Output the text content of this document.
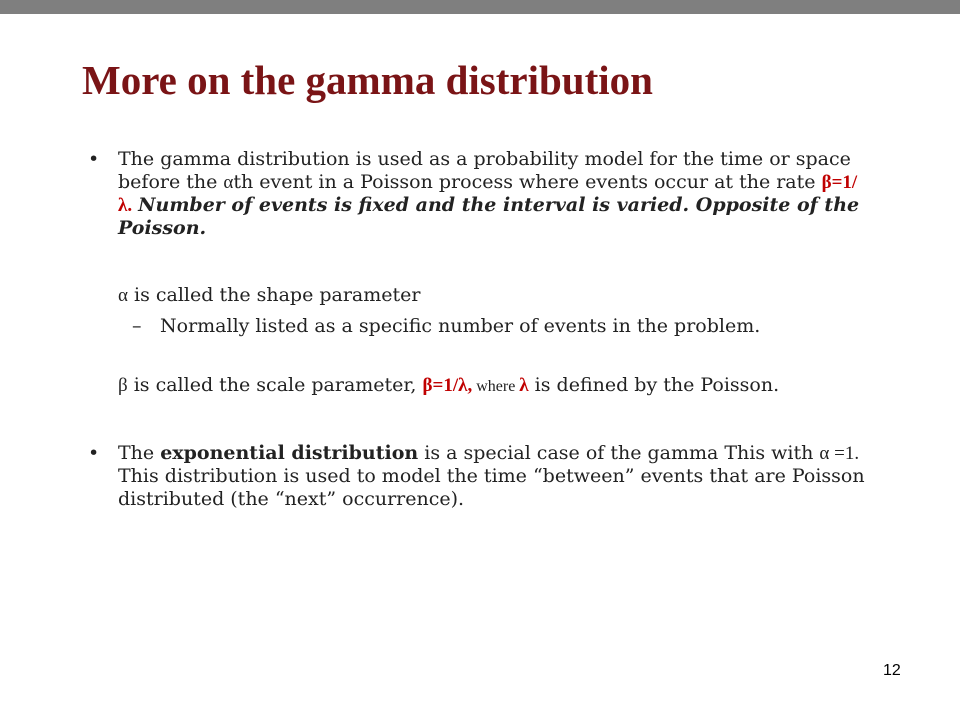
More on the gamma distribution
• The gamma distribution is used as a probability model for the time or space before the αth event in a Poisson process where events occur at the rate β=1/λ. Number of events is fixed and the interval is varied. Opposite of the Poisson.
α is called the shape parameter
– Normally listed as a specific number of events in the problem.
β is called the scale parameter, β=1/λ, where λ is defined by the Poisson.
• The exponential distribution is a special case of the gamma This with α =1. This distribution is used to model the time “between” events that are Poisson distributed (the “next” occurrence).
12
